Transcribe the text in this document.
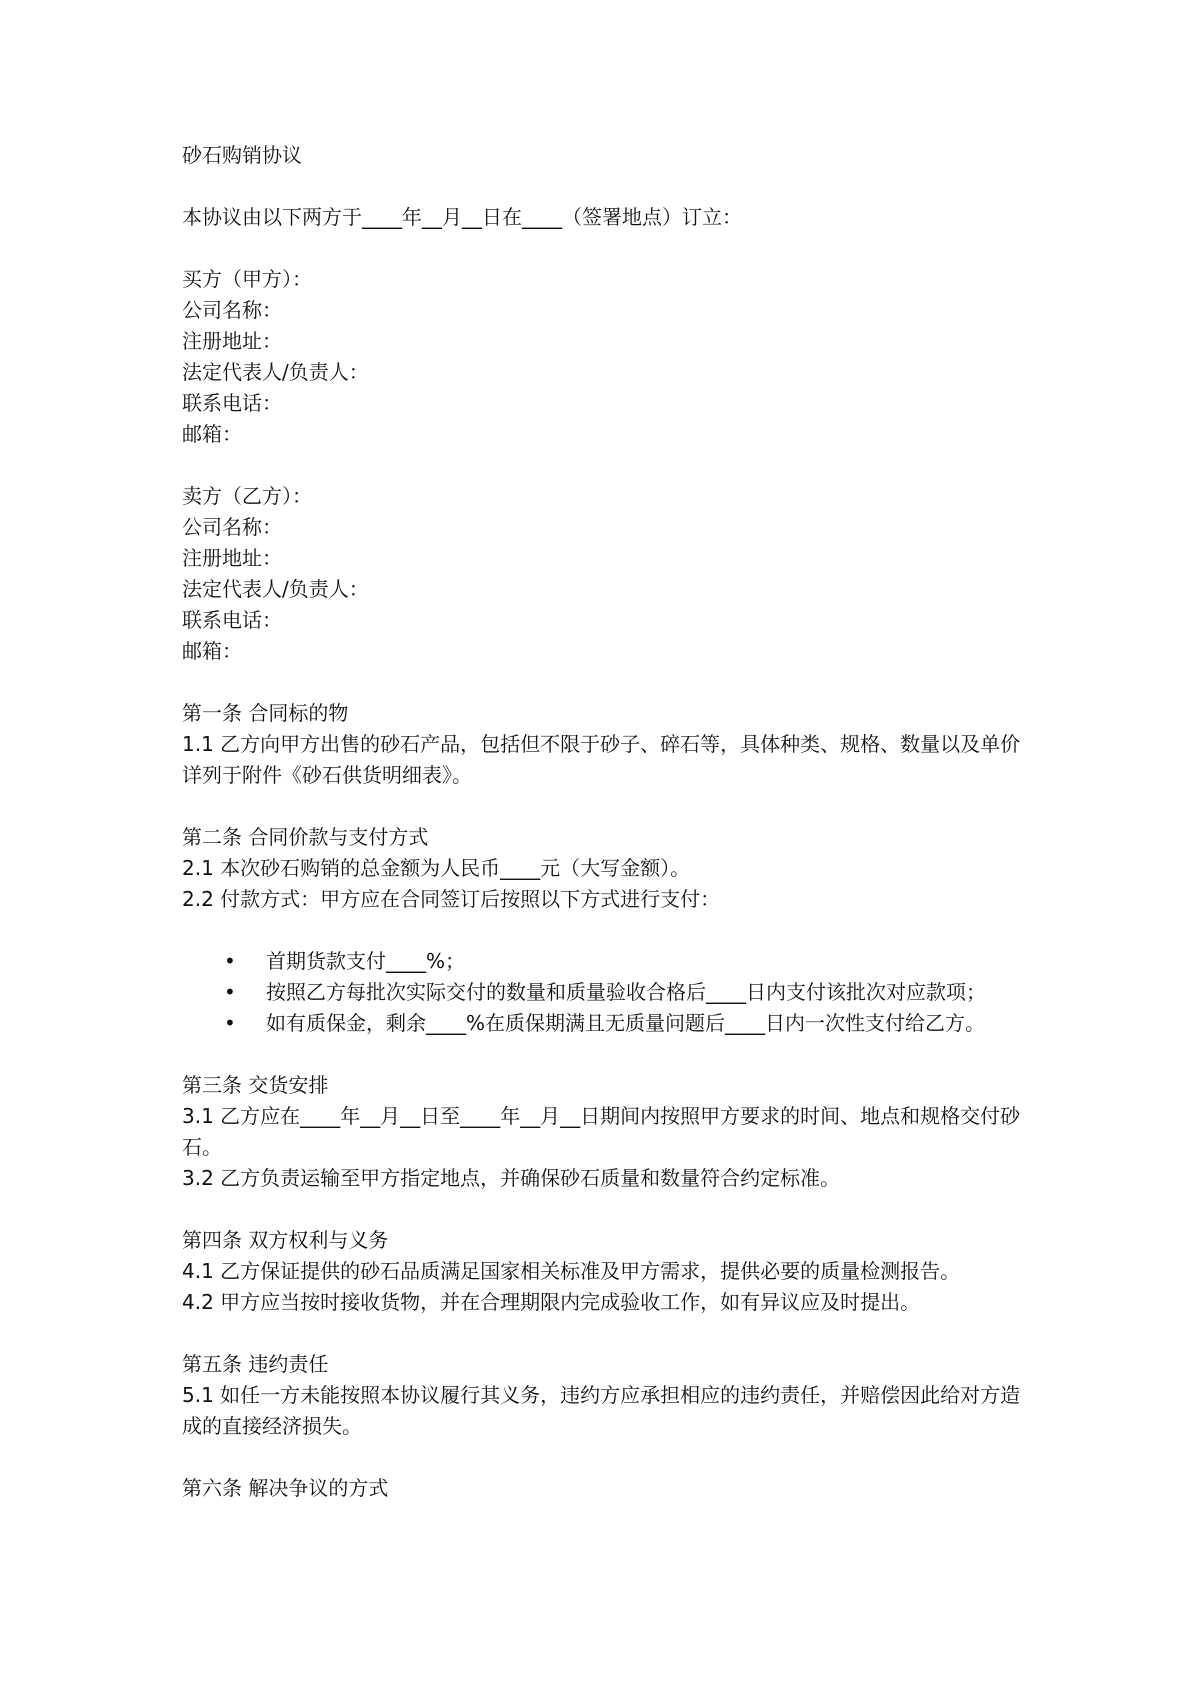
砂石购销协议

本协议由以下两方于____年__月__日在____（签署地点）订立：

买方（甲方）：

公司名称：

注册地址：

法定代表人/负责人：

联系电话：

邮箱：

卖方（乙方）：

公司名称：

注册地址：

法定代表人/负责人：

联系电话：

邮箱：

第一条 合同标的物

1.1 乙方向甲方出售的砂石产品，包括但不限于砂子、碎石等，具体种类、规格、数量以及单价详列于附件《砂石供货明细表》。

第二条 合同价款与支付方式

2.1 本次砂石购销的总金额为人民币____元（大写金额）。

2.2 付款方式：甲方应在合同签订后按照以下方式进行支付：

• 首期货款支付____%；
• 按照乙方每批次实际交付的数量和质量验收合格后____日内支付该批次对应款项；
• 如有质保金，剩余____%在质保期满且无质量问题后____日内一次性支付给乙方。

第三条 交货安排

3.1 乙方应在____年__月__日至____年__月__日期间内按照甲方要求的时间、地点和规格交付砂石。

3.2 乙方负责运输至甲方指定地点，并确保砂石质量和数量符合约定标准。

第四条 双方权利与义务

4.1 乙方保证提供的砂石品质满足国家相关标准及甲方需求，提供必要的质量检测报告。

4.2 甲方应当按时接收货物，并在合理期限内完成验收工作，如有异议应及时提出。

第五条 违约责任

5.1 如任一方未能按照本协议履行其义务，违约方应承担相应的违约责任，并赔偿因此给对方造成的直接经济损失。

第六条 解决争议的方式
